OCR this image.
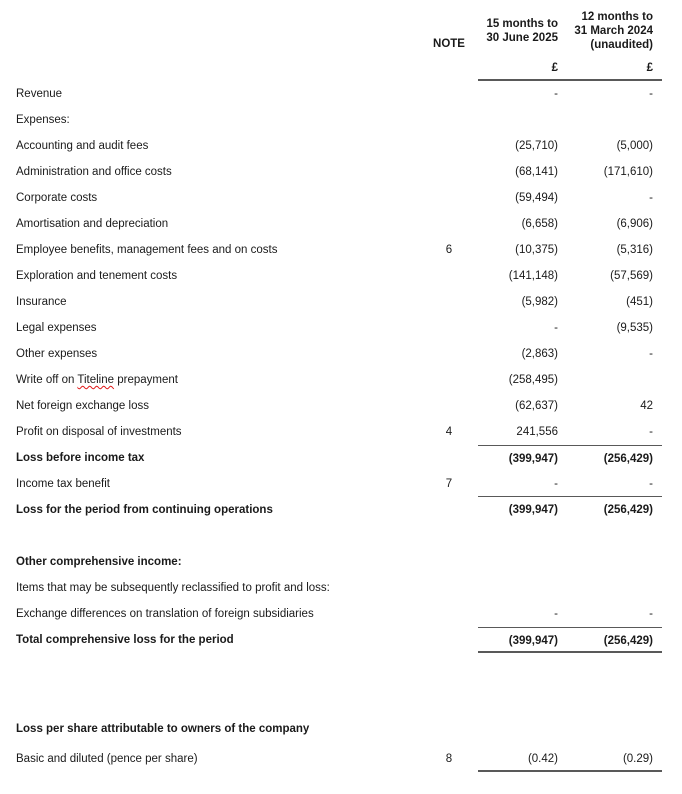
NOTE
15 months to
30 June 2025
12 months to
31 March 2024
(unaudited)
£	£
Revenue	-	-
Expenses:
Accounting and audit fees	(25,710)	(5,000)
Administration and office costs	(68,141)	(171,610)
Corporate costs	(59,494)	-
Amortisation and depreciation	(6,658)	(6,906)
Employee benefits, management fees and on costs	6	(10,375)	(5,316)
Exploration and tenement costs	(141,148)	(57,569)
Insurance	(5,982)	(451)
Legal expenses	-	(9,535)
Other expenses	(2,863)	-
Write off on Titeline prepayment	(258,495)
Net foreign exchange loss	(62,637)	42
Profit on disposal of investments	4	241,556	-
Loss before income tax	(399,947)	(256,429)
Income tax benefit	7	-	-
Loss for the period from continuing operations	(399,947)	(256,429)
Other comprehensive income:
Items that may be subsequently reclassified to profit and loss:
Exchange differences on translation of foreign subsidiaries	-	-
Total comprehensive loss for the period	(399,947)	(256,429)
Loss per share attributable to owners of the company
Basic and diluted (pence per share)	8	(0.42)	(0.29)
